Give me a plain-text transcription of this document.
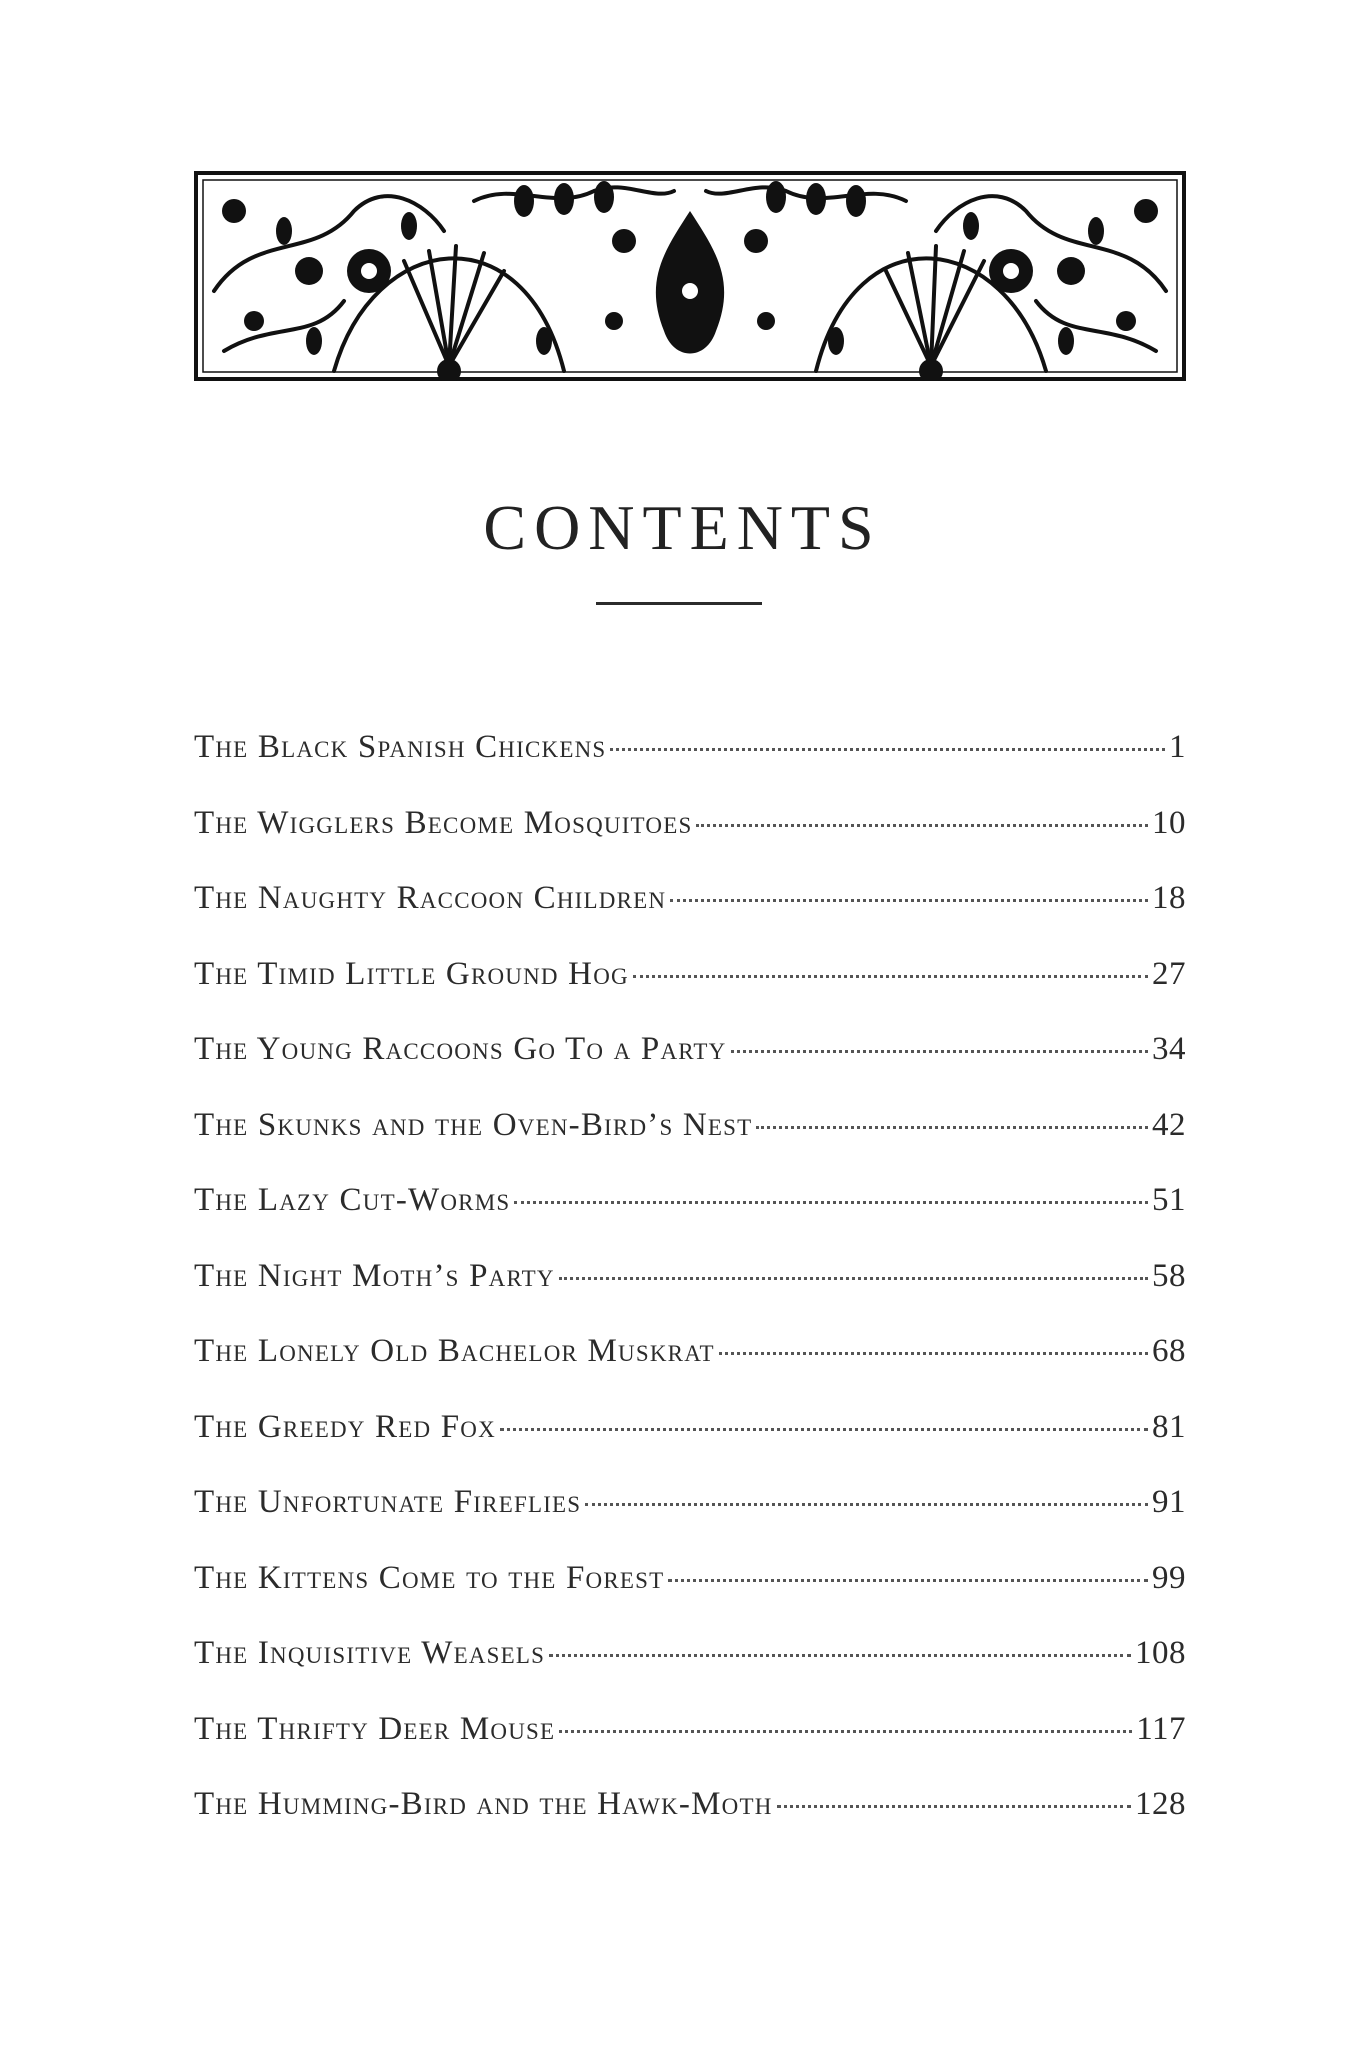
CONTENTS
The Black Spanish Chickens	1
The Wigglers Become Mosquitoes	10
The Naughty Raccoon Children	18
The Timid Little Ground Hog	27
The Young Raccoons Go To a Party	34
The Skunks and the Oven-Bird’s Nest	42
The Lazy Cut-Worms	51
The Night Moth’s Party	58
The Lonely Old Bachelor Muskrat	68
The Greedy Red Fox	81
The Unfortunate Fireflies	91
The Kittens Come to the Forest	99
The Inquisitive Weasels	108
The Thrifty Deer Mouse	117
The Humming-Bird and the Hawk-Moth	128
